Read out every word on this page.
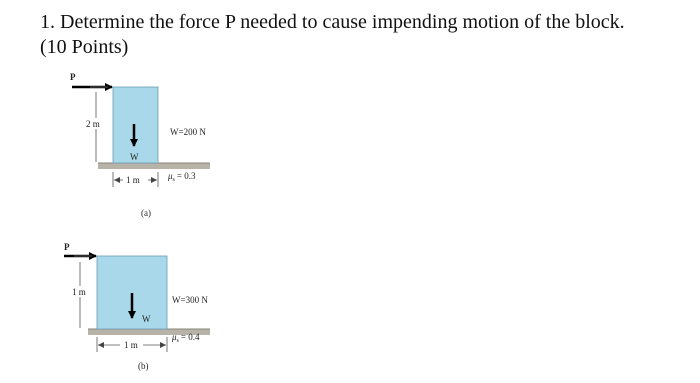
1. Determine the force P needed to cause impending motion of the block.
(10 Points)
P
2 m
W
W=200 N
1 m	$\mu_s = 0.3$
(a)
P
1 m
W
W=300 N
1 m
$\mu_s = 0.4$
(b)
